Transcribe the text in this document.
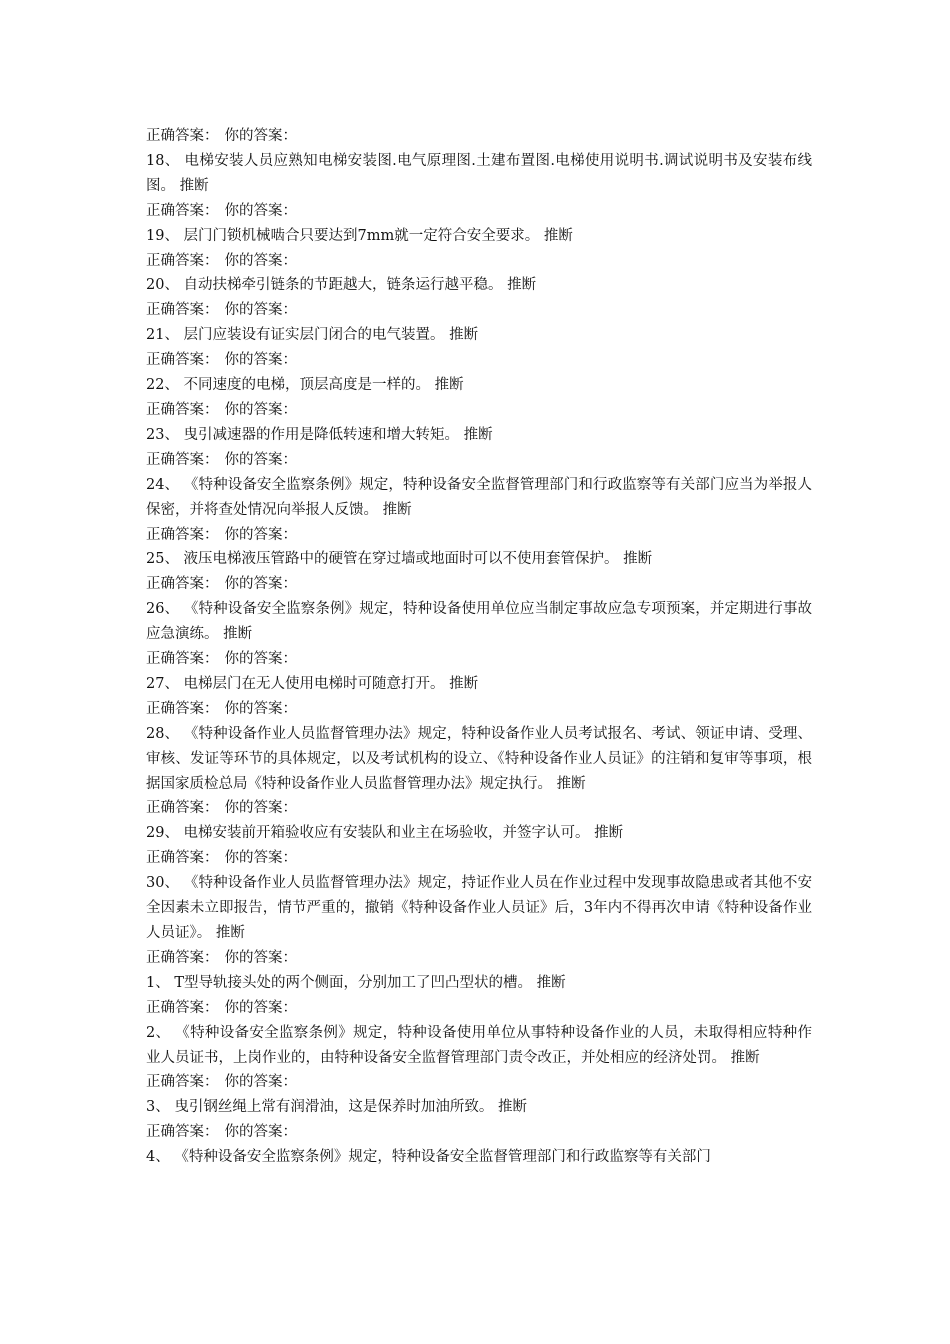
正确答案： 你的答案：
18、 电梯安装人员应熟知电梯安装图.电气原理图.土建布置图.电梯使用说明书.调试说明书及安装布线图。 推断
正确答案： 你的答案：
19、 层门门锁机械啮合只要达到7mm就一定符合安全要求。 推断
正确答案： 你的答案：
20、 自动扶梯牵引链条的节距越大，链条运行越平稳。 推断
正确答案： 你的答案：
21、 层门应装设有证实层门闭合的电气装置。 推断
正确答案： 你的答案：
22、 不同速度的电梯，顶层高度是一样的。 推断
正确答案： 你的答案：
23、 曳引减速器的作用是降低转速和增大转矩。 推断
正确答案： 你的答案：
24、 《特种设备安全监察条例》规定，特种设备安全监督管理部门和行政监察等有关部门应当为举报人保密，并将查处情况向举报人反馈。 推断
正确答案： 你的答案：
25、 液压电梯液压管路中的硬管在穿过墙或地面时可以不使用套管保护。 推断
正确答案： 你的答案：
26、 《特种设备安全监察条例》规定，特种设备使用单位应当制定事故应急专项预案，并定期进行事故应急演练。 推断
正确答案： 你的答案：
27、 电梯层门在无人使用电梯时可随意打开。 推断
正确答案： 你的答案：
28、 《特种设备作业人员监督管理办法》规定，特种设备作业人员考试报名、考试、领证申请、受理、审核、发证等环节的具体规定，以及考试机构的设立、《特种设备作业人员证》的注销和复审等事项，根据国家质检总局《特种设备作业人员监督管理办法》规定执行。 推断
正确答案： 你的答案：
29、 电梯安装前开箱验收应有安装队和业主在场验收，并签字认可。 推断
正确答案： 你的答案：
30、 《特种设备作业人员监督管理办法》规定，持证作业人员在作业过程中发现事故隐患或者其他不安全因素未立即报告，情节严重的，撤销《特种设备作业人员证》后，3年内不得再次申请《特种设备作业人员证》。 推断
正确答案： 你的答案：
1、 T型导轨接头处的两个侧面，分别加工了凹凸型状的槽。 推断
正确答案： 你的答案：
2、 《特种设备安全监察条例》规定，特种设备使用单位从事特种设备作业的人员，未取得相应特种作业人员证书，上岗作业的，由特种设备安全监督管理部门责令改正，并处相应的经济处罚。 推断
正确答案： 你的答案：
3、 曳引钢丝绳上常有润滑油，这是保养时加油所致。 推断
正确答案： 你的答案：
4、 《特种设备安全监察条例》规定，特种设备安全监督管理部门和行政监察等有关部门
